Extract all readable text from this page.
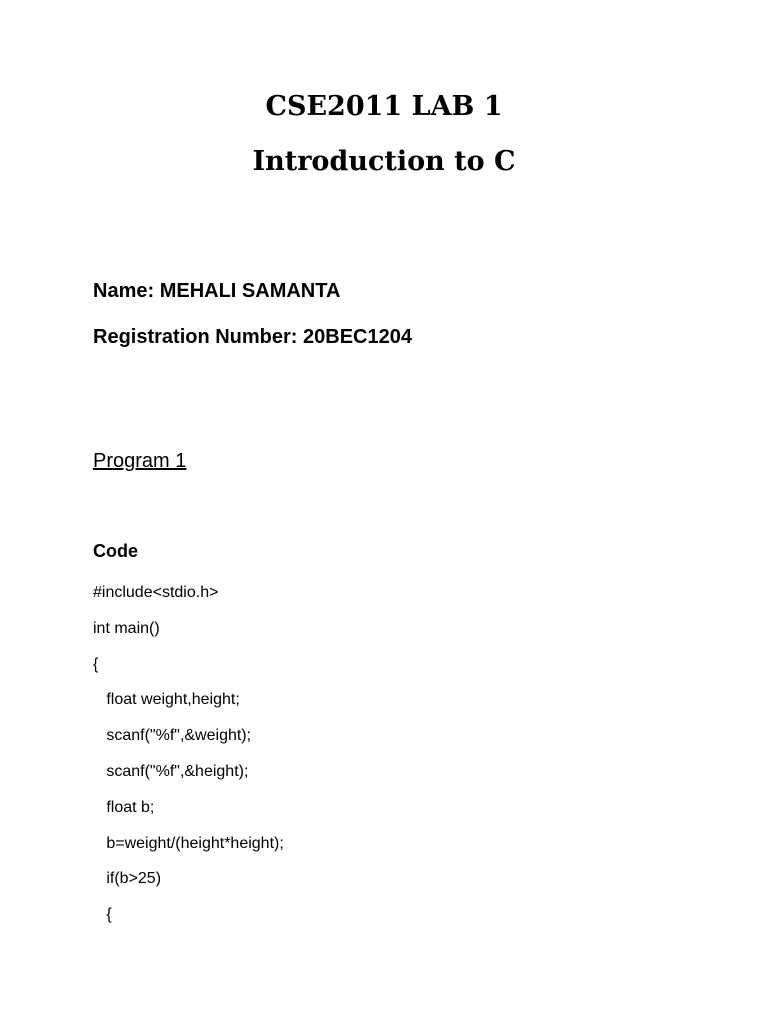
CSE2011 LAB 1
Introduction to C
Name: MEHALI SAMANTA
Registration Number: 20BEC1204
Program 1
Code
#include<stdio.h>
int main()
{
float weight,height;
scanf("%f",&weight);
scanf("%f",&height);
float b;
b=weight/(height*height);
if(b>25)
{
